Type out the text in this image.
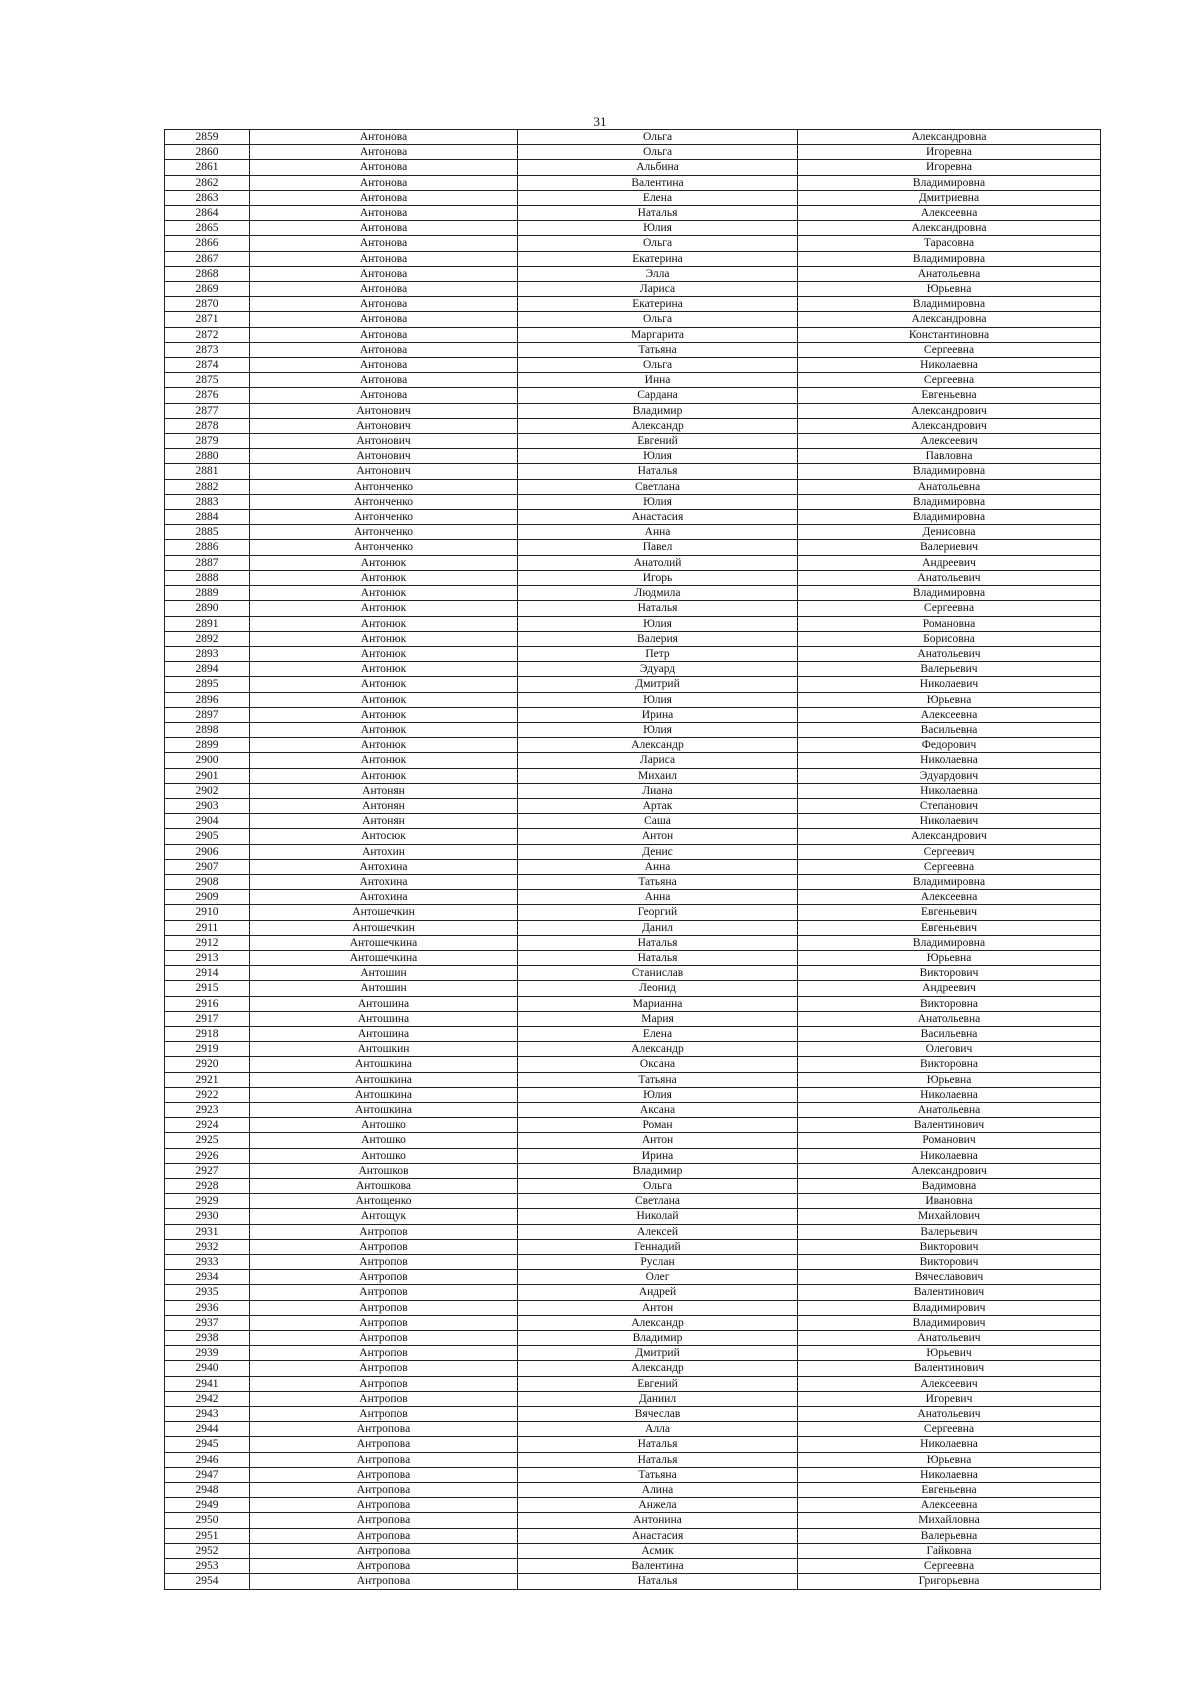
31
2859	Антонова	Ольга	Александровна
2860	Антонова	Ольга	Игоревна
2861	Антонова	Альбина	Игоревна
2862	Антонова	Валентина	Владимировна
2863	Антонова	Елена	Дмитриевна
2864	Антонова	Наталья	Алексеевна
2865	Антонова	Юлия	Александровна
2866	Антонова	Ольга	Тарасовна
2867	Антонова	Екатерина	Владимировна
2868	Антонова	Элла	Анатольевна
2869	Антонова	Лариса	Юрьевна
2870	Антонова	Екатерина	Владимировна
2871	Антонова	Ольга	Александровна
2872	Антонова	Маргарита	Константиновна
2873	Антонова	Татьяна	Сергеевна
2874	Антонова	Ольга	Николаевна
2875	Антонова	Инна	Сергеевна
2876	Антонова	Сардана	Евгеньевна
2877	Антонович	Владимир	Александрович
2878	Антонович	Александр	Александрович
2879	Антонович	Евгений	Алексеевич
2880	Антонович	Юлия	Павловна
2881	Антонович	Наталья	Владимировна
2882	Антонченко	Светлана	Анатольевна
2883	Антонченко	Юлия	Владимировна
2884	Антонченко	Анастасия	Владимировна
2885	Антонченко	Анна	Денисовна
2886	Антонченко	Павел	Валериевич
2887	Антонюк	Анатолий	Андреевич
2888	Антонюк	Игорь	Анатольевич
2889	Антонюк	Людмила	Владимировна
2890	Антонюк	Наталья	Сергеевна
2891	Антонюк	Юлия	Романовна
2892	Антонюк	Валерия	Борисовна
2893	Антонюк	Петр	Анатольевич
2894	Антонюк	Эдуард	Валерьевич
2895	Антонюк	Дмитрий	Николаевич
2896	Антонюк	Юлия	Юрьевна
2897	Антонюк	Ирина	Алексеевна
2898	Антонюк	Юлия	Васильевна
2899	Антонюк	Александр	Федорович
2900	Антонюк	Лариса	Николаевна
2901	Антонюк	Михаил	Эдуардович
2902	Антонян	Лиана	Николаевна
2903	Антонян	Артак	Степанович
2904	Антонян	Саша	Николаевич
2905	Антосюк	Антон	Александрович
2906	Антохин	Денис	Сергеевич
2907	Антохина	Анна	Сергеевна
2908	Антохина	Татьяна	Владимировна
2909	Антохина	Анна	Алексеевна
2910	Антошечкин	Георгий	Евгеньевич
2911	Антошечкин	Данил	Евгеньевич
2912	Антошечкина	Наталья	Владимировна
2913	Антошечкина	Наталья	Юрьевна
2914	Антошин	Станислав	Викторович
2915	Антошин	Леонид	Андреевич
2916	Антошина	Марианна	Викторовна
2917	Антошина	Мария	Анатольевна
2918	Антошина	Елена	Васильевна
2919	Антошкин	Александр	Олегович
2920	Антошкина	Оксана	Викторовна
2921	Антошкина	Татьяна	Юрьевна
2922	Антошкина	Юлия	Николаевна
2923	Антошкина	Аксана	Анатольевна
2924	Антошко	Роман	Валентинович
2925	Антошко	Антон	Романович
2926	Антошко	Ирина	Николаевна
2927	Антошков	Владимир	Александрович
2928	Антошкова	Ольга	Вадимовна
2929	Антощенко	Светлана	Ивановна
2930	Антощук	Николай	Михайлович
2931	Антропов	Алексей	Валерьевич
2932	Антропов	Геннадий	Викторович
2933	Антропов	Руслан	Викторович
2934	Антропов	Олег	Вячеславович
2935	Антропов	Андрей	Валентинович
2936	Антропов	Антон	Владимирович
2937	Антропов	Александр	Владимирович
2938	Антропов	Владимир	Анатольевич
2939	Антропов	Дмитрий	Юрьевич
2940	Антропов	Александр	Валентинович
2941	Антропов	Евгений	Алексеевич
2942	Антропов	Даниил	Игоревич
2943	Антропов	Вячеслав	Анатольевич
2944	Антропова	Алла	Сергеевна
2945	Антропова	Наталья	Николаевна
2946	Антропова	Наталья	Юрьевна
2947	Антропова	Татьяна	Николаевна
2948	Антропова	Алина	Евгеньевна
2949	Антропова	Анжела	Алексеевна
2950	Антропова	Антонина	Михайловна
2951	Антропова	Анастасия	Валерьевна
2952	Антропова	Асмик	Гайковна
2953	Антропова	Валентина	Сергеевна
2954	Антропова	Наталья	Григорьевна
